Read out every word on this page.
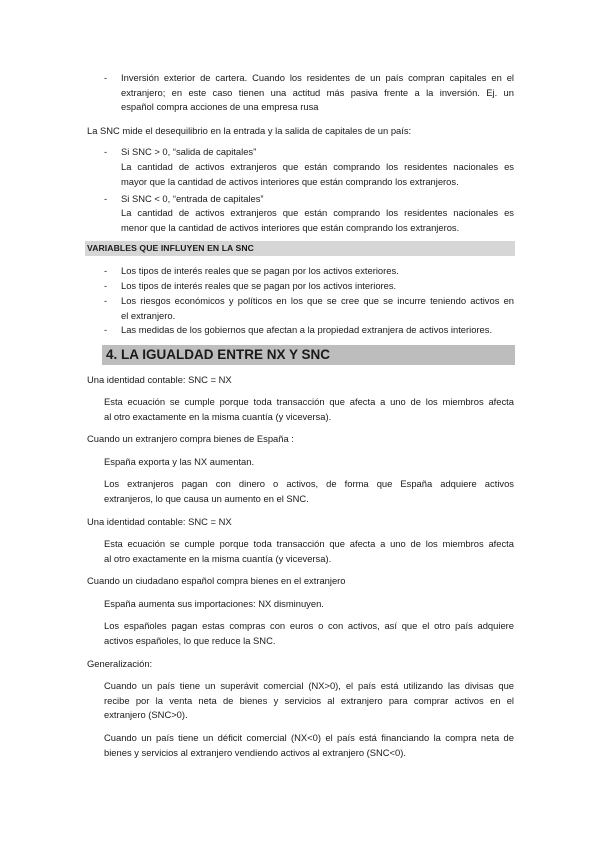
- Inversión exterior de cartera. Cuando los residentes de un país compran capitales en el
extranjero; en este caso tienen una actitud más pasiva frente a la inversión. Ej. un
español compra acciones de una empresa rusa
La SNC mide el desequilibrio en la entrada y la salida de capitales de un país:
- Si SNC > 0, “salida de capitales”
La cantidad de activos extranjeros que están comprando los residentes nacionales es
mayor que la cantidad de activos interiores que están comprando los extranjeros.
- Si SNC < 0, “entrada de capitales”
La cantidad de activos extranjeros que están comprando los residentes nacionales es
menor que la cantidad de activos interiores que están comprando los extranjeros.
VARIABLES QUE INFLUYEN EN LA SNC
- Los tipos de interés reales que se pagan por los activos exteriores.
- Los tipos de interés reales que se pagan por los activos interiores.
- Los riesgos económicos y políticos en los que se cree que se incurre teniendo activos en
el extranjero.
- Las medidas de los gobiernos que afectan a la propiedad extranjera de activos interiores.
4. LA IGUALDAD ENTRE NX Y SNC
Una identidad contable: SNC = NX
Esta ecuación se cumple porque toda transacción que afecta a uno de los miembros afecta
al otro exactamente en la misma cuantía (y viceversa).
Cuando un extranjero compra bienes de España :
España exporta y las NX aumentan.
Los extranjeros pagan con dinero o activos, de forma que España adquiere activos
extranjeros, lo que causa un aumento en el SNC.
Una identidad contable: SNC = NX
Esta ecuación se cumple porque toda transacción que afecta a uno de los miembros afecta
al otro exactamente en la misma cuantía (y viceversa).
Cuando un ciudadano español compra bienes en el extranjero
España aumenta sus importaciones: NX disminuyen.
Los españoles pagan estas compras con euros o con activos, así que el otro país adquiere
activos españoles, lo que reduce la SNC.
Generalización:
Cuando un país tiene un superávit comercial (NX>0), el país está utilizando las divisas que
recibe por la venta neta de bienes y servicios al extranjero para comprar activos en el
extranjero (SNC>0).
Cuando un país tiene un déficit comercial (NX<0) el país está financiando la compra neta de
bienes y servicios al extranjero vendiendo activos al extranjero (SNC<0).
